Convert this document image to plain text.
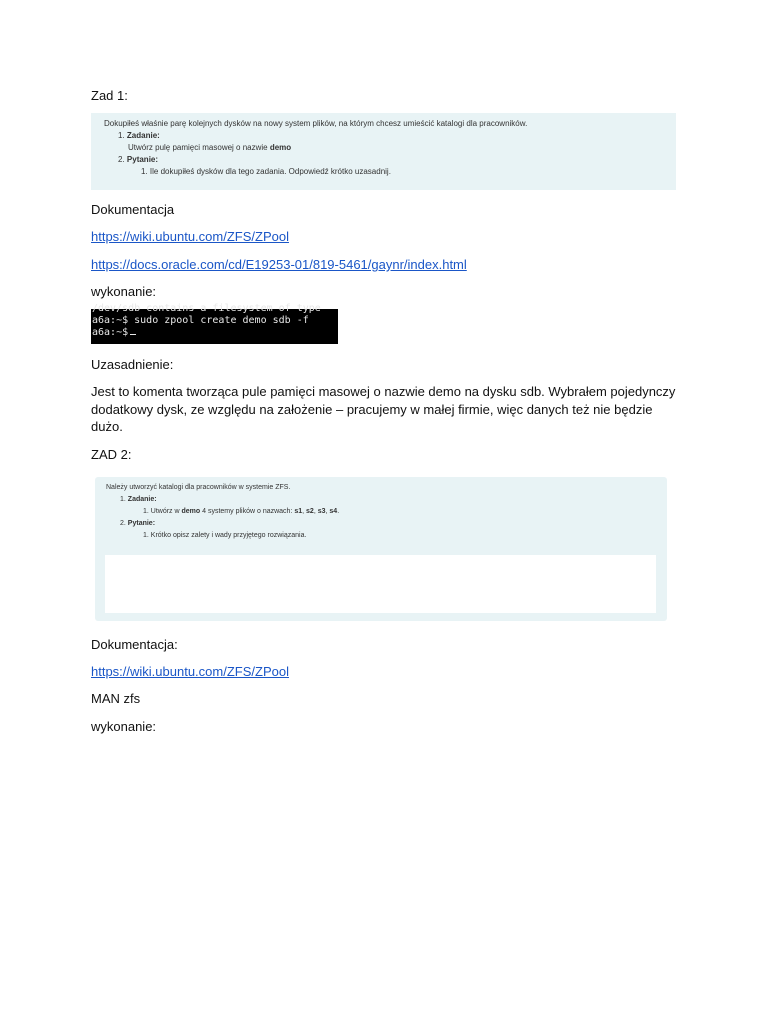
Zad 1:

Dokupiłeś właśnie parę kolejnych dysków na nowy system plików, na którym chcesz umieścić katalogi dla pracowników.
1. Zadanie:
Utwórz pulę pamięci masowej o nazwie demo
2. Pytanie:
1. Ile dokupiłeś dysków dla tego zadania. Odpowiedź krótko uzasadnij.

Dokumentacja

https://wiki.ubuntu.com/ZFS/ZPool

https://docs.oracle.com/cd/E19253-01/819-5461/gaynr/index.html

wykonanie:

/dev/sdb contains a filesystem of type
a6a:~$ sudo zpool create demo sdb -f
a6a:~$

Uzasadnienie:

Jest to komenta tworząca pule pamięci masowej o nazwie demo na dysku sdb. Wybrałem pojedynczy dodatkowy dysk, ze względu na założenie – pracujemy w małej firmie, więc danych też nie będzie dużo.

ZAD 2:

Należy utworzyć katalogi dla pracowników w systemie ZFS.
1. Zadanie:
1. Utwórz w demo 4 systemy plików o nazwach: s1, s2, s3, s4.
2. Pytanie:
1. Krótko opisz zalety i wady przyjętego rozwiązania.

Dokumentacja:

https://wiki.ubuntu.com/ZFS/ZPool

MAN zfs

wykonanie:
